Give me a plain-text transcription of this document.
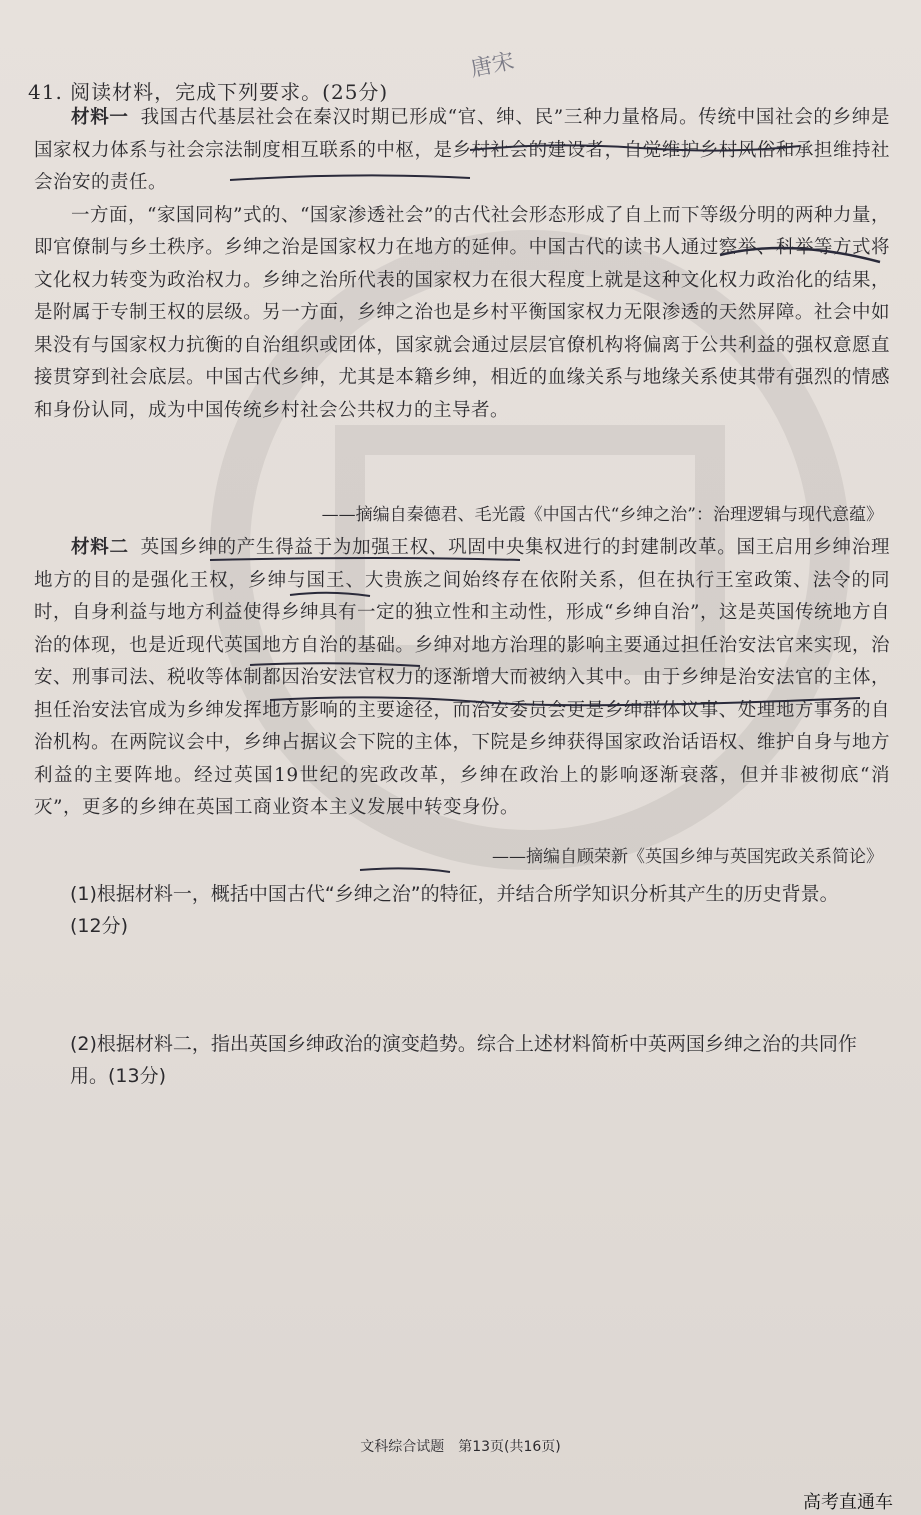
唐宋
41. 阅读材料，完成下列要求。(25分)
材料一 我国古代基层社会在秦汉时期已形成“官、绅、民”三种力量格局。传统中国社会的乡绅是国家权力体系与社会宗法制度相互联系的中枢，是乡村社会的建设者，自觉维护乡村风俗和承担维持社会治安的责任。
一方面，“家国同构”式的、“国家渗透社会”的古代社会形态形成了自上而下等级分明的两种力量，即官僚制与乡土秩序。乡绅之治是国家权力在地方的延伸。中国古代的读书人通过察举、科举等方式将文化权力转变为政治权力。乡绅之治所代表的国家权力在很大程度上就是这种文化权力政治化的结果，是附属于专制王权的层级。另一方面，乡绅之治也是乡村平衡国家权力无限渗透的天然屏障。社会中如果没有与国家权力抗衡的自治组织或团体，国家就会通过层层官僚机构将偏离于公共利益的强权意愿直接贯穿到社会底层。中国古代乡绅，尤其是本籍乡绅，相近的血缘关系与地缘关系使其带有强烈的情感和身份认同，成为中国传统乡村社会公共权力的主导者。
——摘编自秦德君、毛光霞《中国古代“乡绅之治”：治理逻辑与现代意蕴》
材料二 英国乡绅的产生得益于为加强王权、巩固中央集权进行的封建制改革。国王启用乡绅治理地方的目的是强化王权，乡绅与国王、大贵族之间始终存在依附关系，但在执行王室政策、法令的同时，自身利益与地方利益使得乡绅具有一定的独立性和主动性，形成“乡绅自治”，这是英国传统地方自治的体现，也是近现代英国地方自治的基础。乡绅对地方治理的影响主要通过担任治安法官来实现，治安、刑事司法、税收等体制都因治安法官权力的逐渐增大而被纳入其中。由于乡绅是治安法官的主体，担任治安法官成为乡绅发挥地方影响的主要途径，而治安委员会更是乡绅群体议事、处理地方事务的自治机构。在两院议会中，乡绅占据议会下院的主体，下院是乡绅获得国家政治话语权、维护自身与地方利益的主要阵地。经过英国19世纪的宪政改革，乡绅在政治上的影响逐渐衰落，但并非被彻底“消灭”，更多的乡绅在英国工商业资本主义发展中转变身份。
——摘编自顾荣新《英国乡绅与英国宪政关系简论》
(1)根据材料一，概括中国古代“乡绅之治”的特征，并结合所学知识分析其产生的历史背景。(12分)
(2)根据材料二，指出英国乡绅政治的演变趋势。综合上述材料简析中英两国乡绅之治的共同作用。(13分)
文科综合试题　第13页(共16页)
高考直通车
